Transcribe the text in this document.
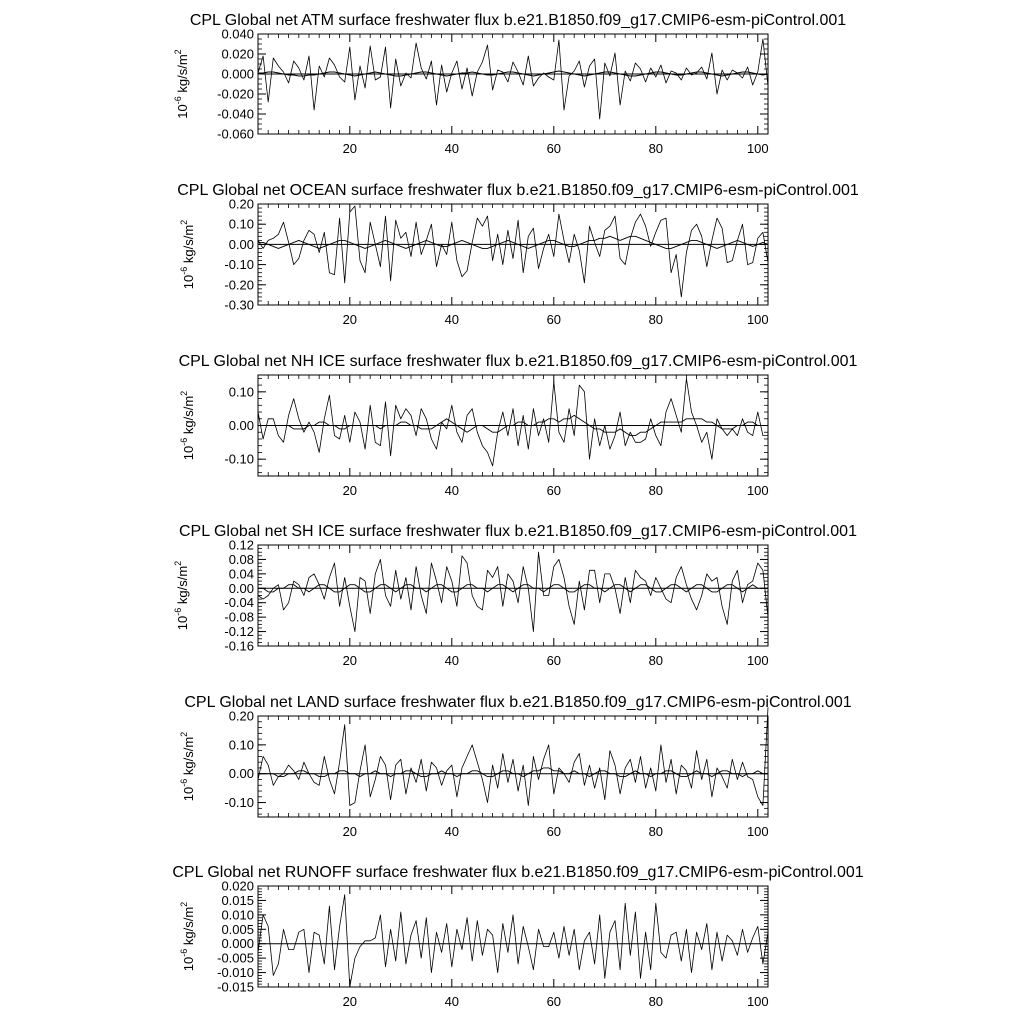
CPL Global net ATM surface freshwater flux b.e21.B1850.f09_g17.CMIP6-esm-piControl.001
20	40	60	80	100
-0.060
-0.040
-0.020
0.000
0.020
0.040
$10^{-6}$ $kg/s/m^2$
CPL Global net OCEAN surface freshwater flux b.e21.B1850.f09_g17.CMIP6-esm-piControl.001
20	40	60	80	100
-0.30
-0.20
-0.10
0.00
0.10
0.20
$10^{-6}$ $kg/s/m^2$
CPL Global net NH ICE surface freshwater flux b.e21.B1850.f09_g17.CMIP6-esm-piControl.001
20	40	60	80	100
-0.10
0.00
0.10
$10^{-6}$ $kg/s/m^2$
CPL Global net SH ICE surface freshwater flux b.e21.B1850.f09_g17.CMIP6-esm-piControl.001
20	40	60	80	100
-0.16
-0.12
-0.08
-0.04
0.00
0.04
0.08
0.12
$10^{-6}$ $kg/s/m^2$
CPL Global net LAND surface freshwater flux b.e21.B1850.f09_g17.CMIP6-esm-piControl.001
20	40	60	80	100
-0.10
0.00
0.10
0.20
$10^{-6}$ $kg/s/m^2$
CPL Global net RUNOFF surface freshwater flux b.e21.B1850.f09_g17.CMIP6-esm-piControl.001
20	40	60	80	100
-0.015
-0.010
-0.005
0.000
0.005
0.010
0.015
0.020
$10^{-6}$ $kg/s/m^2$
